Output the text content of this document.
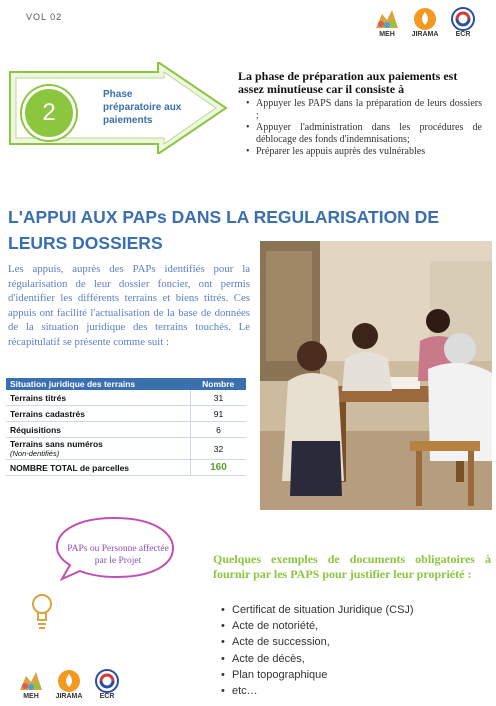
VOL 02
MEH	JIRAMA	ECR
2
Phase préparatoire aux paiements
La phase de préparation aux paiements est assez minutieuse car il consiste à
• Appuyer les PAPS dans la préparation de leurs dossiers ;
• Appuyer l'administration dans les procédures de déblocage des fonds d'indemnisations;
• Préparer les appuis auprès des vulnérables
L'APPUI AUX PAPs DANS LA REGULARISATION DE LEURS DOSSIERS
Les appuis, auprès des PAPs identifiés pour la régularisation de leur dossier foncier, ont permis d'identifier les différents terrains et biens titrés. Ces appuis ont facilité l'actualisation de la base de données de la situation juridique des terrains touchés. Le récapitulatif se présente comme suit :
Situation juridique des terrains	Nombre
Terrains titrés	31
Terrains cadastrés	91
Réquisitions	6
Terrains sans numéros
(Non-dentifiés)	32
NOMBRE TOTAL de parcelles	160
PAPs ou Personne affectée par le Projet	Quelques exemples de documents obligatoires à fournir par les PAPS pour justifier leur propriété :
• Certificat de situation Juridique (CSJ)
• Acte de notoriété,
• Acte de succession,
• Acte de décès,
• Plan topographique
• etc…
MEH	JIRAMA	ECR
